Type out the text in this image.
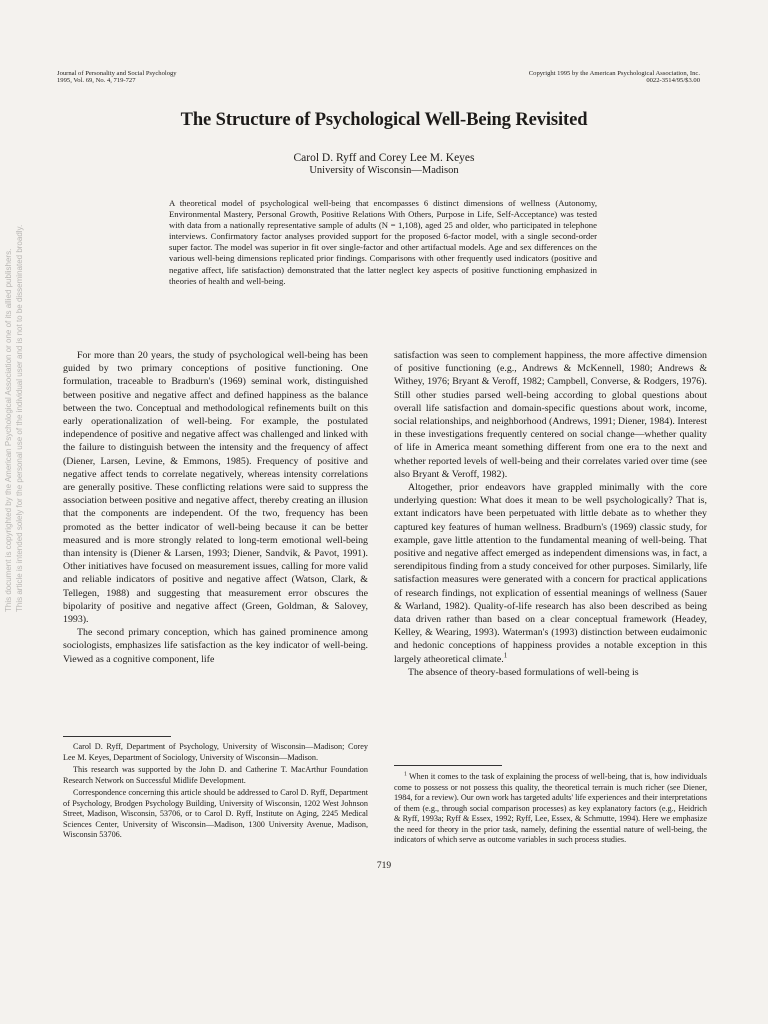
This document is copyrighted by the American Psychological Association or one of its allied publishers. This article is intended solely for the personal use of the individual user and is not to be disseminated broadly.
Journal of Personality and Social Psychology
1995, Vol. 69, No. 4, 719-727
Copyright 1995 by the American Psychological Association, Inc.
0022-3514/95/$3.00
The Structure of Psychological Well-Being Revisited
Carol D. Ryff and Corey Lee M. Keyes
University of Wisconsin—Madison

A theoretical model of psychological well-being that encompasses 6 distinct dimensions of wellness (Autonomy, Environmental Mastery, Personal Growth, Positive Relations With Others, Purpose in Life, Self-Acceptance) was tested with data from a nationally representative sample of adults (N = 1,108), aged 25 and older, who participated in telephone interviews. Confirmatory factor analyses provided support for the proposed 6-factor model, with a single second-order super factor. The model was superior in fit over single-factor and other artifactual models. Age and sex differences on the various well-being dimensions replicated prior findings. Comparisons with other frequently used indicators (positive and negative affect, life satisfaction) demonstrated that the latter neglect key aspects of positive functioning emphasized in theories of health and well-being.

For more than 20 years, the study of psychological well-being has been guided by two primary conceptions of positive functioning. One formulation, traceable to Bradburn's (1969) seminal work, distinguished between positive and negative affect and defined happiness as the balance between the two. Conceptual and methodological refinements built on this early operationalization of well-being. For example, the postulated independence of positive and negative affect was challenged and linked with the failure to distinguish between the intensity and the frequency of affect (Diener, Larsen, Levine, & Emmons, 1985). Frequency of positive and negative affect tends to correlate negatively, whereas intensity correlations are generally positive. These conflicting relations were said to suppress the association between positive and negative affect, thereby creating an illusion that the components are independent. Of the two, frequency has been promoted as the better indicator of well-being because it can be better measured and is more strongly related to long-term emotional well-being than intensity is (Diener & Larsen, 1993; Diener, Sandvik, & Pavot, 1991). Other initiatives have focused on measurement issues, calling for more valid and reliable indicators of positive and negative affect (Watson, Clark, & Tellegen, 1988) and suggesting that measurement error obscures the bipolarity of positive and negative affect (Green, Goldman, & Salovey, 1993).

The second primary conception, which has gained prominence among sociologists, emphasizes life satisfaction as the key indicator of well-being. Viewed as a cognitive component, life

satisfaction was seen to complement happiness, the more affective dimension of positive functioning (e.g., Andrews & McKennell, 1980; Andrews & Withey, 1976; Bryant & Veroff, 1982; Campbell, Converse, & Rodgers, 1976). Still other studies parsed well-being according to global questions about overall life satisfaction and domain-specific questions about work, income, social relationships, and neighborhood (Andrews, 1991; Diener, 1984). Interest in these investigations frequently centered on social change—whether quality of life in America meant something different from one era to the next and whether reported levels of well-being and their correlates varied over time (see also Bryant & Veroff, 1982).

Altogether, prior endeavors have grappled minimally with the core underlying question: What does it mean to be well psychologically? That is, extant indicators have been perpetuated with little debate as to whether they captured key features of human wellness. Bradburn's (1969) classic study, for example, gave little attention to the fundamental meaning of well-being. That positive and negative affect emerged as independent dimensions was, in fact, a serendipitous finding from a study conceived for other purposes. Similarly, life satisfaction measures were generated with a concern for practical applications of research findings, not explication of essential meanings of wellness (Sauer & Warland, 1982). Quality-of-life research has also been described as being data driven rather than based on a clear conceptual framework (Headey, Kelley, & Wearing, 1993). Waterman's (1993) distinction between eudaimonic and hedonic conceptions of happiness provides a notable exception in this largely atheoretical climate.$^1$

The absence of theory-based formulations of well-being is

Carol D. Ryff, Department of Psychology, University of Wisconsin—Madison; Corey Lee M. Keyes, Department of Sociology, University of Wisconsin—Madison.

This research was supported by the John D. and Catherine T. MacArthur Foundation Research Network on Successful Midlife Development.

Correspondence concerning this article should be addressed to Carol D. Ryff, Department of Psychology, Brodgen Psychology Building, University of Wisconsin, 1202 West Johnson Street, Madison, Wisconsin, 53706, or to Carol D. Ryff, Institute on Aging, 2245 Medical Sciences Center, University of Wisconsin—Madison, 1300 University Avenue, Madison, Wisconsin 53706.

$^1$ When it comes to the task of explaining the process of well-being, that is, how individuals come to possess or not possess this quality, the theoretical terrain is much richer (see Diener, 1984, for a review). Our own work has targeted adults' life experiences and their interpretations of them (e.g., through social comparison processes) as key explanatory factors (e.g., Heidrich & Ryff, 1993a; Ryff & Essex, 1992; Ryff, Lee, Essex, & Schmutte, 1994). Here we emphasize the need for theory in the prior task, namely, defining the essential nature of well-being, the indicators of which serve as outcome variables in such process studies.

719
